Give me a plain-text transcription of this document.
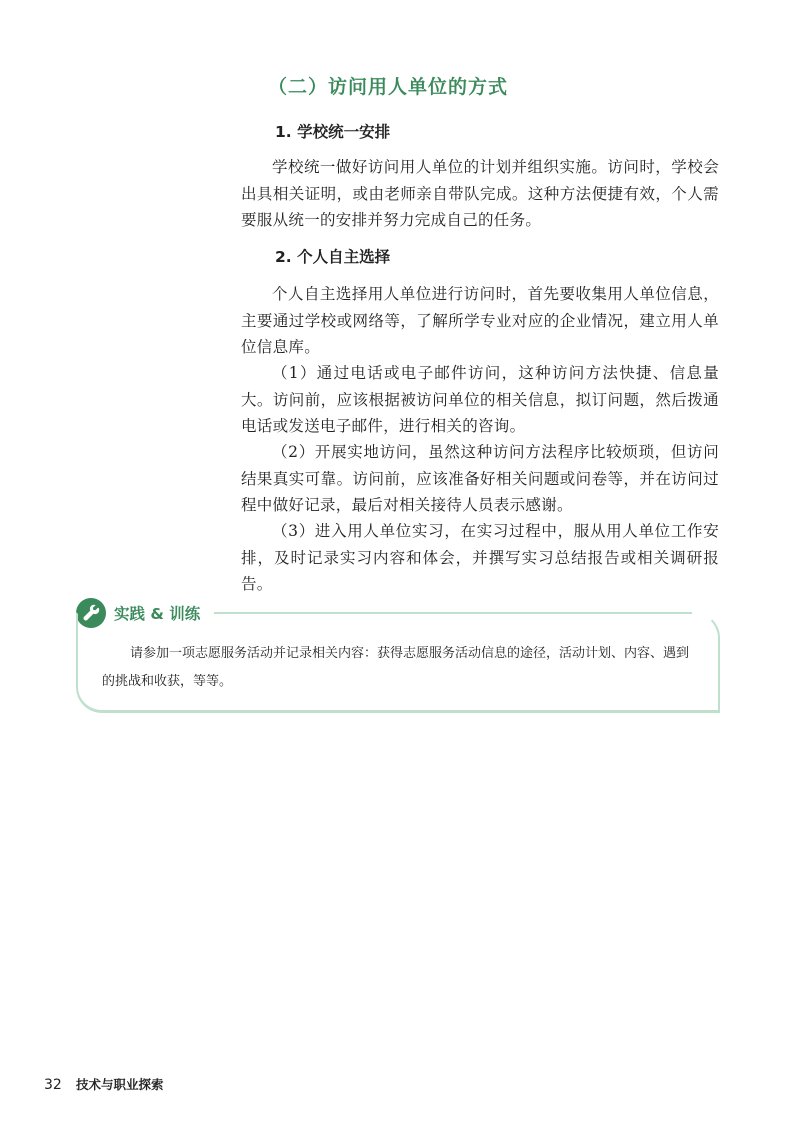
（二）访问用人单位的方式
1. 学校统一安排

学校统一做好访问用人单位的计划并组织实施。访问时，学校会出具相关证明，或由老师亲自带队完成。这种方法便捷有效，个人需要服从统一的安排并努力完成自己的任务。

2. 个人自主选择

个人自主选择用人单位进行访问时，首先要收集用人单位信息，主要通过学校或网络等，了解所学专业对应的企业情况，建立用人单位信息库。

（1）通过电话或电子邮件访问，这种访问方法快捷、信息量大。访问前，应该根据被访问单位的相关信息，拟订问题，然后拨通电话或发送电子邮件，进行相关的咨询。

（2）开展实地访问，虽然这种访问方法程序比较烦琐，但访问结果真实可靠。访问前，应该准备好相关问题或问卷等，并在访问过程中做好记录，最后对相关接待人员表示感谢。

（3）进入用人单位实习，在实习过程中，服从用人单位工作安排，及时记录实习内容和体会，并撰写实习总结报告或相关调研报告。

实践 & 训练

请参加一项志愿服务活动并记录相关内容：获得志愿服务活动信息的途径，活动计划、内容、遇到的挑战和收获，等等。

32 技术与职业探索
